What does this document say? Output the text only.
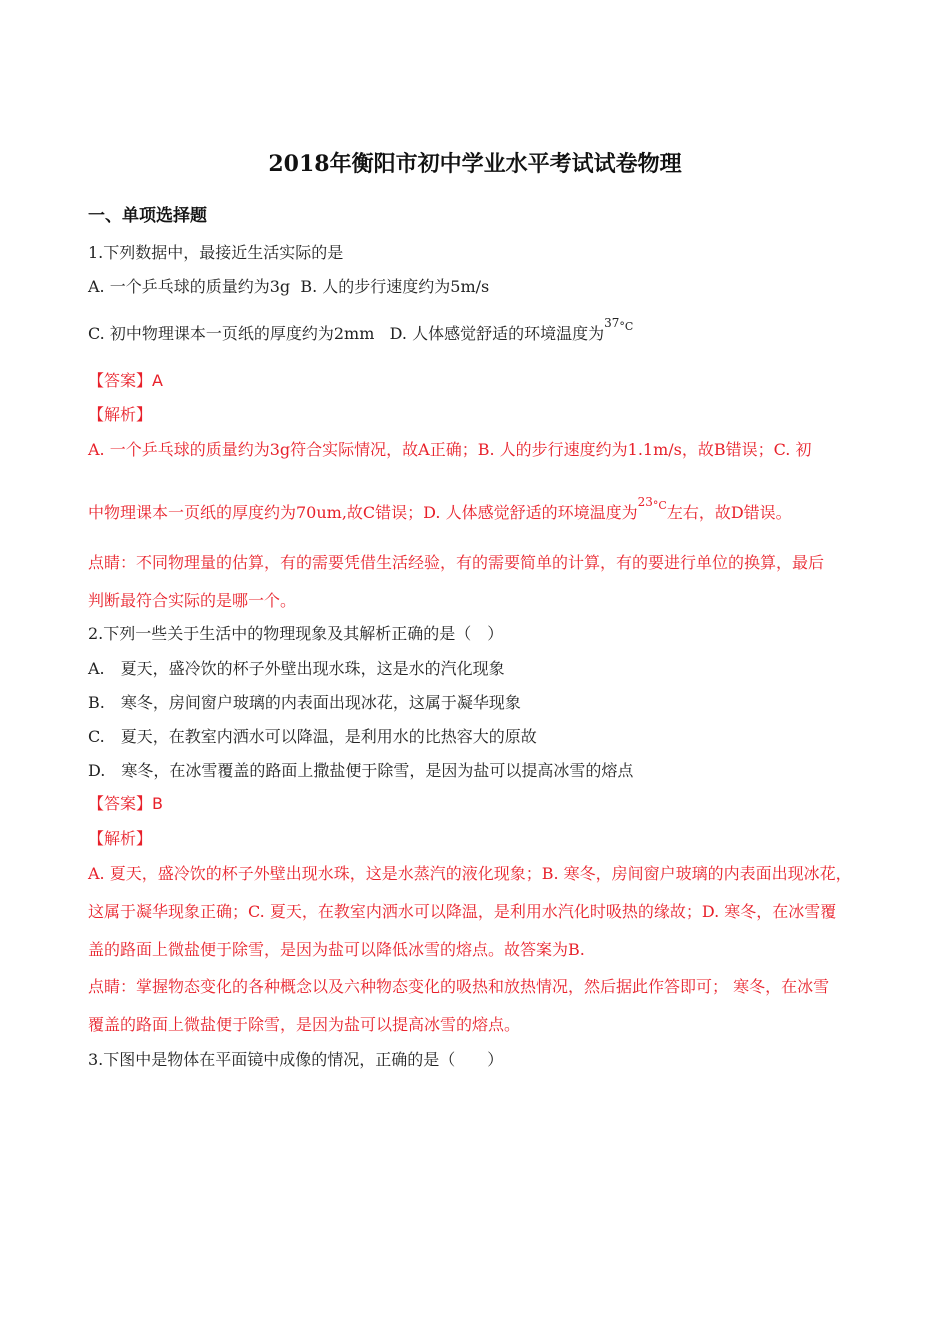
2018年衡阳市初中学业水平考试试卷物理
一、单项选择题
1.下列数据中，最接近生活实际的是
A. 一个乒乓球的质量约为3g B. 人的步行速度约为5m/s
C. 初中物理课本一页纸的厚度约为2mm D. 人体感觉舒适的环境温度为$^{37^\circ C}$
【答案】A
【解析】
A. 一个乒乓球的质量约为3g符合实际情况，故A正确；B. 人的步行速度约为1.1m/s，故B错误；C. 初
中物理课本一页纸的厚度约为70um,故C错误；D. 人体感觉舒适的环境温度为$^{23^\circ C}$左右，故D错误。
点睛：不同物理量的估算，有的需要凭借生活经验，有的需要简单的计算，有的要进行单位的换算，最后
判断最符合实际的是哪一个。
2.下列一些关于生活中的物理现象及其解析正确的是（　）
A.　夏天，盛冷饮的杯子外壁出现水珠，这是水的汽化现象
B.　寒冬，房间窗户玻璃的内表面出现冰花，这属于凝华现象
C.　夏天，在教室内洒水可以降温，是利用水的比热容大的原故
D.　寒冬，在冰雪覆盖的路面上撒盐便于除雪，是因为盐可以提高冰雪的熔点
【答案】B
【解析】
A. 夏天，盛冷饮的杯子外壁出现水珠，这是水蒸汽的液化现象；B. 寒冬，房间窗户玻璃的内表面出现冰花，
这属于凝华现象正确；C. 夏天，在教室内洒水可以降温，是利用水汽化时吸热的缘故；D. 寒冬，在冰雪覆
盖的路面上微盐便于除雪，是因为盐可以降低冰雪的熔点。故答案为B.
点睛：掌握物态变化的各种概念以及六种物态变化的吸热和放热情况，然后据此作答即可； 寒冬，在冰雪
覆盖的路面上微盐便于除雪，是因为盐可以提高冰雪的熔点。
3.下图中是物体在平面镜中成像的情况，正确的是（　　）
